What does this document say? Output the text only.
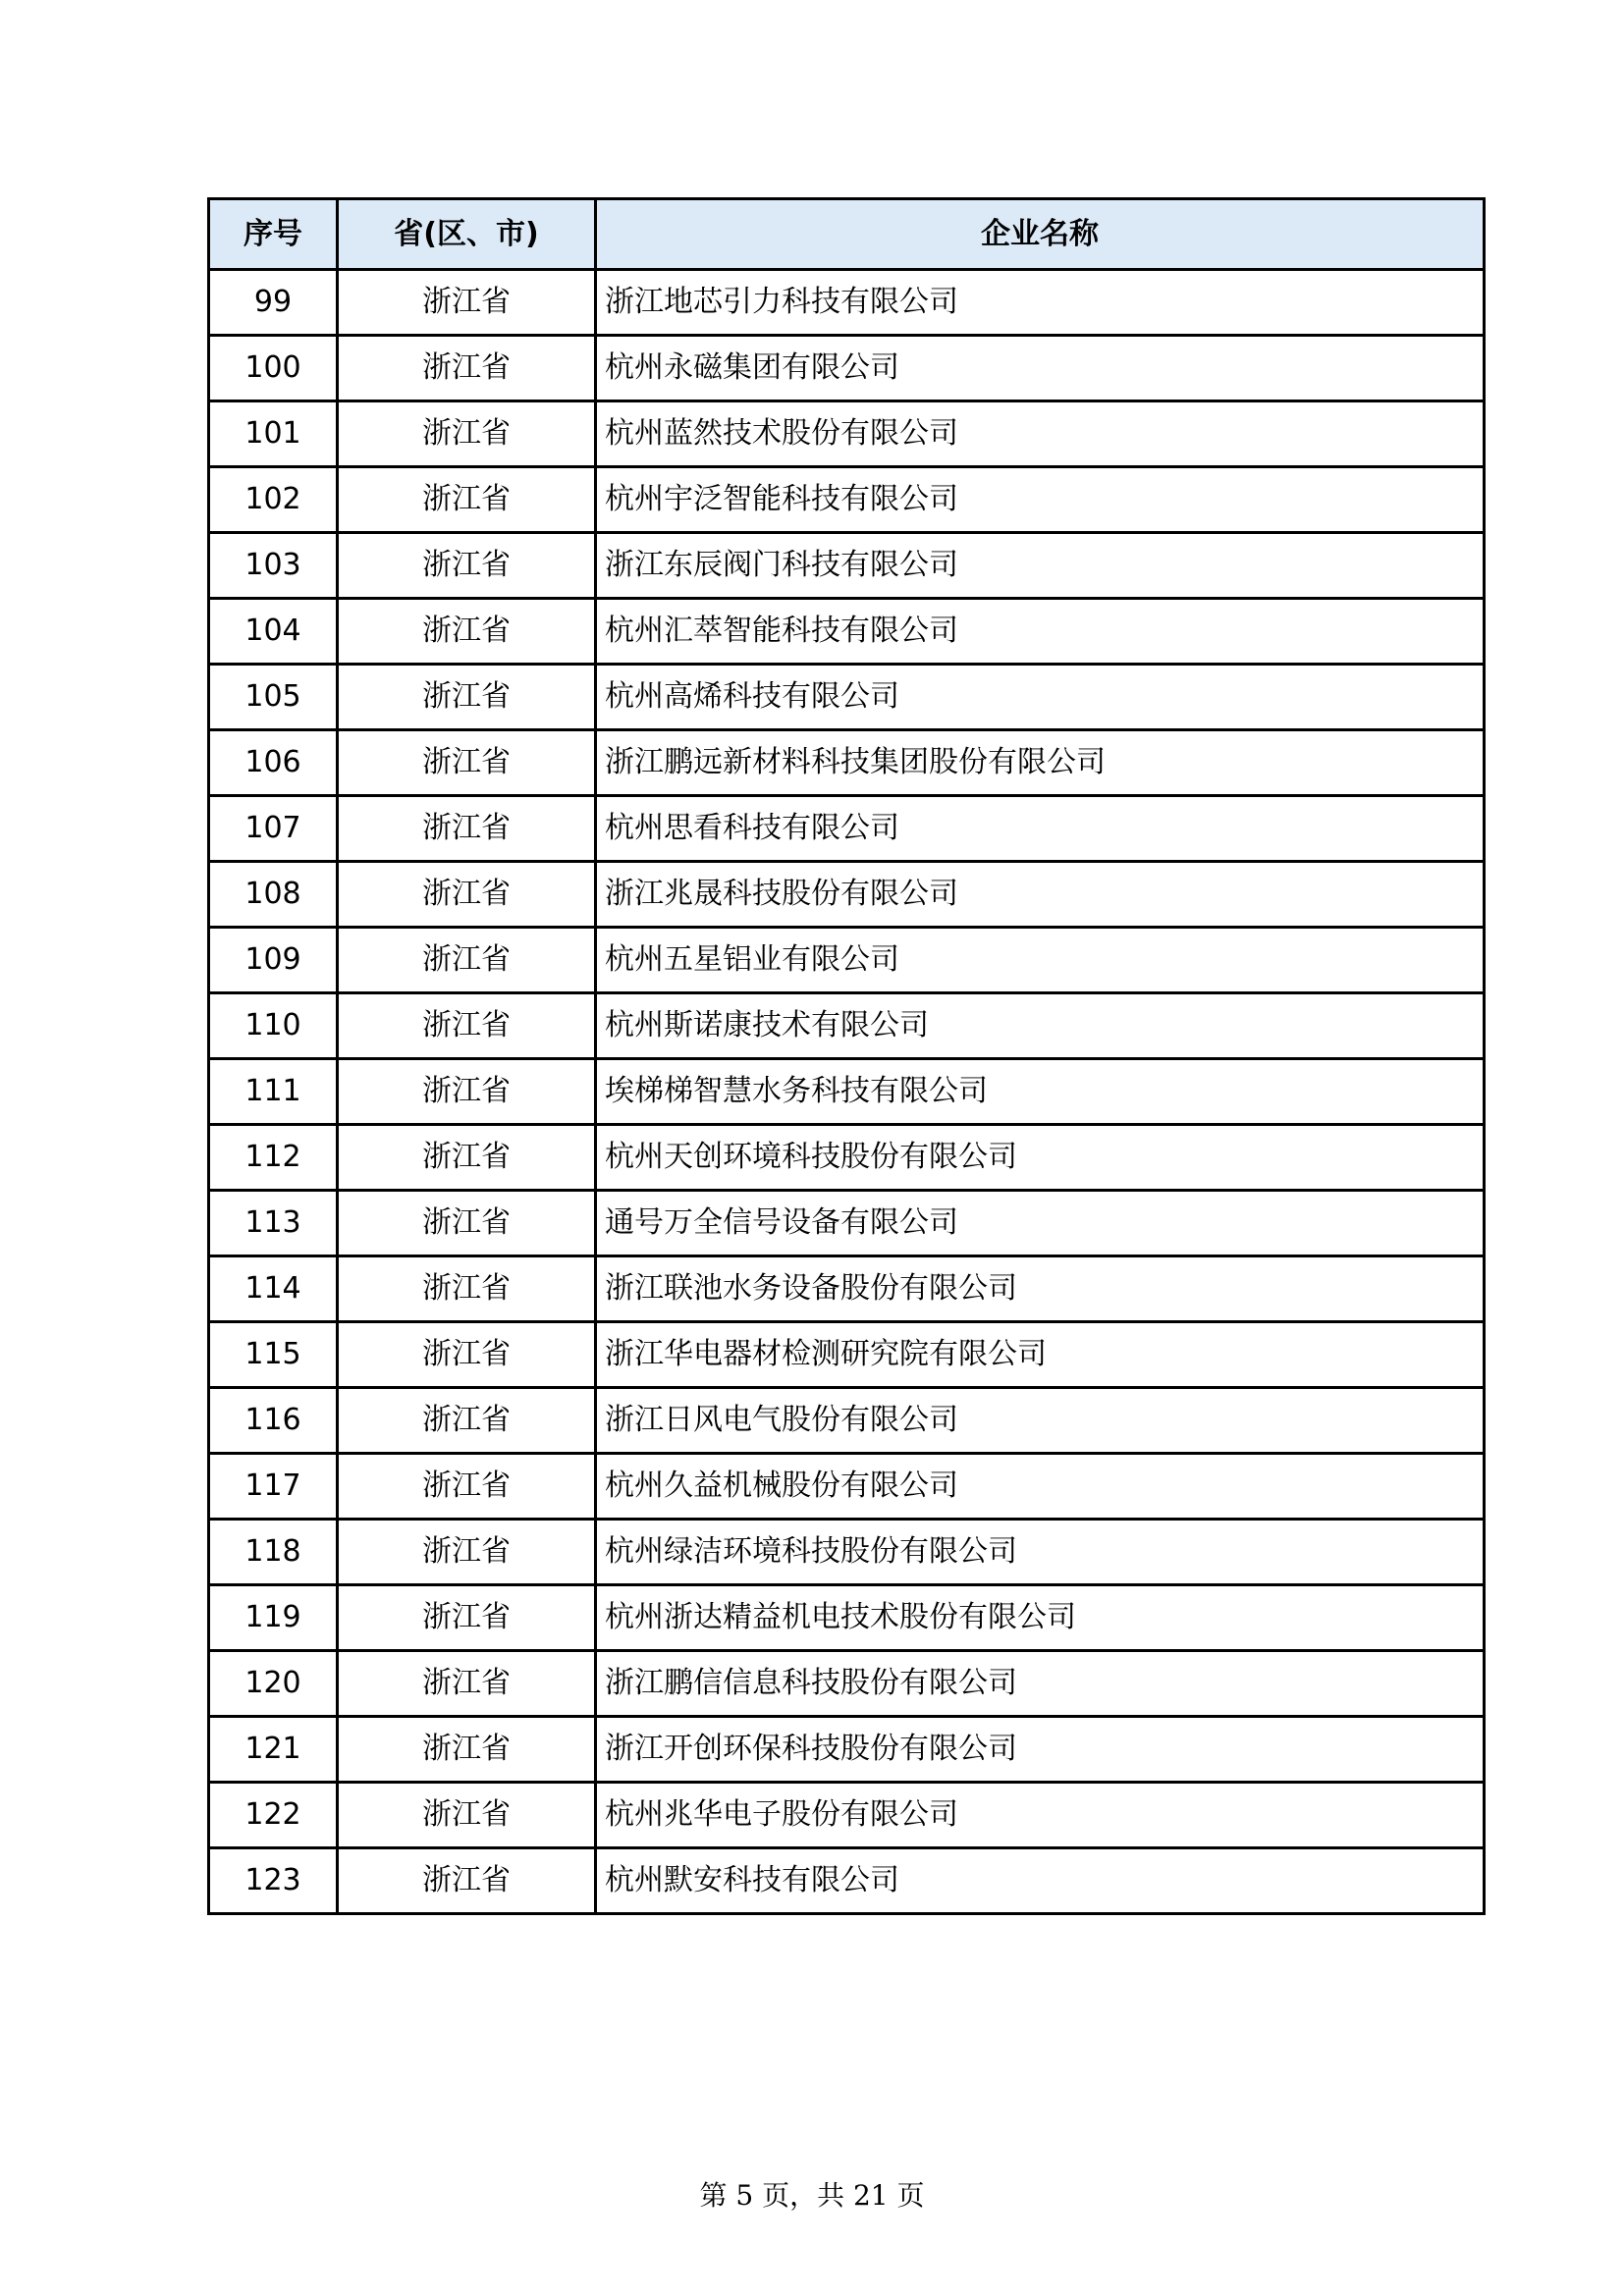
序号	省(区、市)	企业名称
99	浙江省	浙江地芯引力科技有限公司
100	浙江省	杭州永磁集团有限公司
101	浙江省	杭州蓝然技术股份有限公司
102	浙江省	杭州宇泛智能科技有限公司
103	浙江省	浙江东辰阀门科技有限公司
104	浙江省	杭州汇萃智能科技有限公司
105	浙江省	杭州高烯科技有限公司
106	浙江省	浙江鹏远新材料科技集团股份有限公司
107	浙江省	杭州思看科技有限公司
108	浙江省	浙江兆晟科技股份有限公司
109	浙江省	杭州五星铝业有限公司
110	浙江省	杭州斯诺康技术有限公司
111	浙江省	埃梯梯智慧水务科技有限公司
112	浙江省	杭州天创环境科技股份有限公司
113	浙江省	通号万全信号设备有限公司
114	浙江省	浙江联池水务设备股份有限公司
115	浙江省	浙江华电器材检测研究院有限公司
116	浙江省	浙江日风电气股份有限公司
117	浙江省	杭州久益机械股份有限公司
118	浙江省	杭州绿洁环境科技股份有限公司
119	浙江省	杭州浙达精益机电技术股份有限公司
120	浙江省	浙江鹏信信息科技股份有限公司
121	浙江省	浙江开创环保科技股份有限公司
122	浙江省	杭州兆华电子股份有限公司
123	浙江省	杭州默安科技有限公司
第 5 页，共 21 页
